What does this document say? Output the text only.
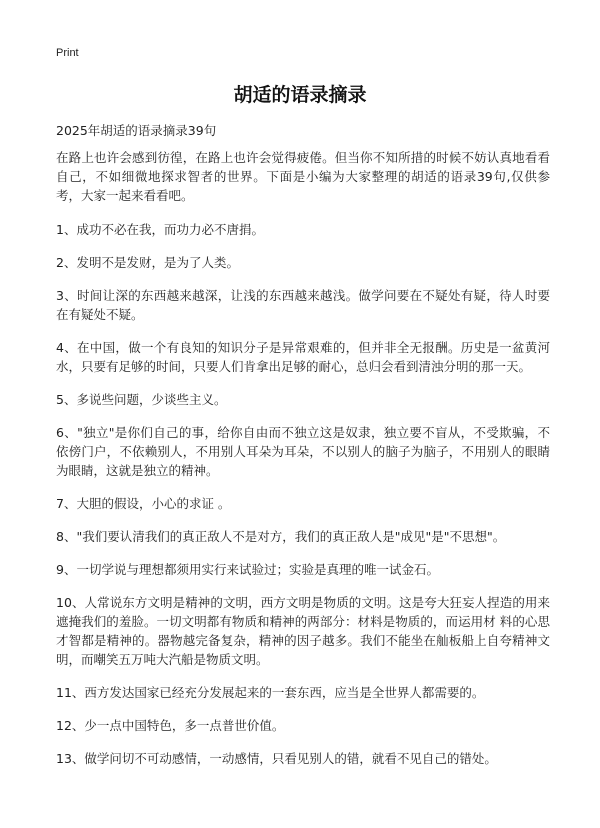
Print
胡适的语录摘录
2025年胡适的语录摘录39句

在路上也许会感到彷徨，在路上也许会觉得疲倦。但当你不知所措的时候不妨认真地看看自己，不如细微地探求智者的世界。下面是小编为大家整理的胡适的语录39句,仅供参考，大家一起来看看吧。

1、成功不必在我，而功力必不唐捐。

2、发明不是发财，是为了人类。

3、时间让深的东西越来越深，让浅的东西越来越浅。做学问要在不疑处有疑，待人时要在有疑处不疑。

4、在中国，做一个有良知的知识分子是异常艰难的，但并非全无报酬。历史是一盆黄河水，只要有足够的时间，只要人们肯拿出足够的耐心，总归会看到清浊分明的那一天。

5、多说些问题，少谈些主义。

6、"独立"是你们自己的事，给你自由而不独立这是奴隶，独立要不盲从，不受欺骗，不依傍门户，不依赖别人，不用别人耳朵为耳朵，不以别人的脑子为脑子，不用别人的眼睛为眼睛，这就是独立的精神。

7、大胆的假设，小心的求证 。

8、"我们要认清我们的真正敌人不是对方，我们的真正敌人是"成见"是"不思想"。

9、一切学说与理想都须用实行来试验过；实验是真理的唯一试金石。

10、人常说东方文明是精神的文明，西方文明是物质的文明。这是夸大狂妄人捏造的用来遮掩我们的羞脸。一切文明都有物质和精神的两部分：材料是物质的，而运用材 料的心思才智都是精神的。器物越完备复杂，精神的因子越多。我们不能坐在舢板船上自夸精神文明，而嘲笑五万吨大汽船是物质文明。

11、西方发达国家已经充分发展起来的一套东西，应当是全世界人都需要的。

12、少一点中国特色，多一点普世价值。

13、做学问切不可动感情，一动感情，只看见别人的错，就看不见自己的错处。
